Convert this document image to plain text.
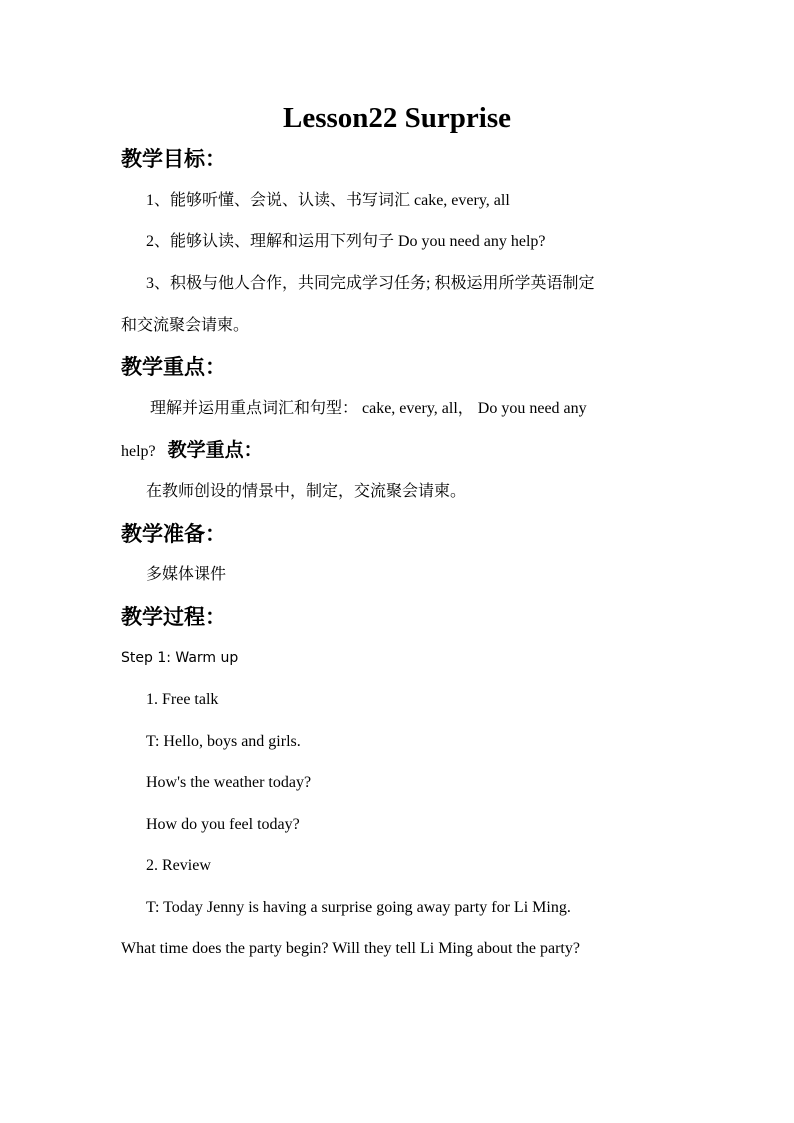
Lesson22 Surprise
教学目标：
1、能够听懂、会说、认读、书写词汇 cake, every, all
2、能够认读、理解和运用下列句子 Do you need any help?
3、积极与他人合作，共同完成学习任务; 积极运用所学英语制定
和交流聚会请柬。
教学重点：
理解并运用重点词汇和句型： cake, every, all， Do you need any
help? 教学重点：
在教师创设的情景中，制定，交流聚会请柬。
教学准备：
多媒体课件
教学过程：
Step 1: Warm up
1. Free talk
T: Hello, boys and girls.
How's the weather today?
How do you feel today?
2. Review
T: Today Jenny is having a surprise going away party for Li Ming.
What time does the party begin? Will they tell Li Ming about the party?
